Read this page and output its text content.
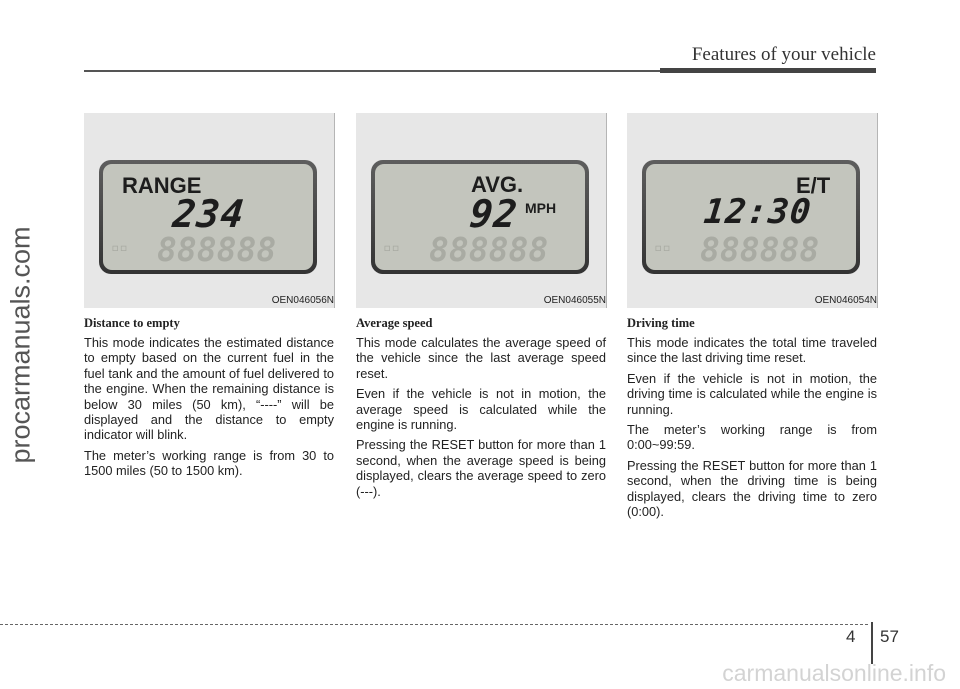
procarmanuals.com
Features of your vehicle
RANGE
234
▫▫ 888888
OEN046056N
AVG.
92 MPH
▫▫ 888888
OEN046055N
E/T
12:30
▫▫ 888888
OEN046054N
Distance to empty

This mode indicates the estimated distance to empty based on the current fuel in the fuel tank and the amount of fuel delivered to the engine. When the remaining distance is below 30 miles (50 km), “----” will be displayed and the distance to empty indicator will blink.

The meter’s working range is from 30 to 1500 miles (50 to 1500 km).

Average speed

This mode calculates the average speed of the vehicle since the last average speed reset.

Even if the vehicle is not in motion, the average speed is calculated while the engine is running.

Pressing the RESET button for more than 1 second, when the average speed is being displayed, clears the average speed to zero (---).

Driving time

This mode indicates the total time traveled since the last driving time reset.

Even if the vehicle is not in motion, the driving time is calculated while the engine is running.

The meter’s working range is from 0:00~99:59.

Pressing the RESET button for more than 1 second, when the driving time is being displayed, clears the driving time to zero (0:00).

4 57
carmanualsonline.info
